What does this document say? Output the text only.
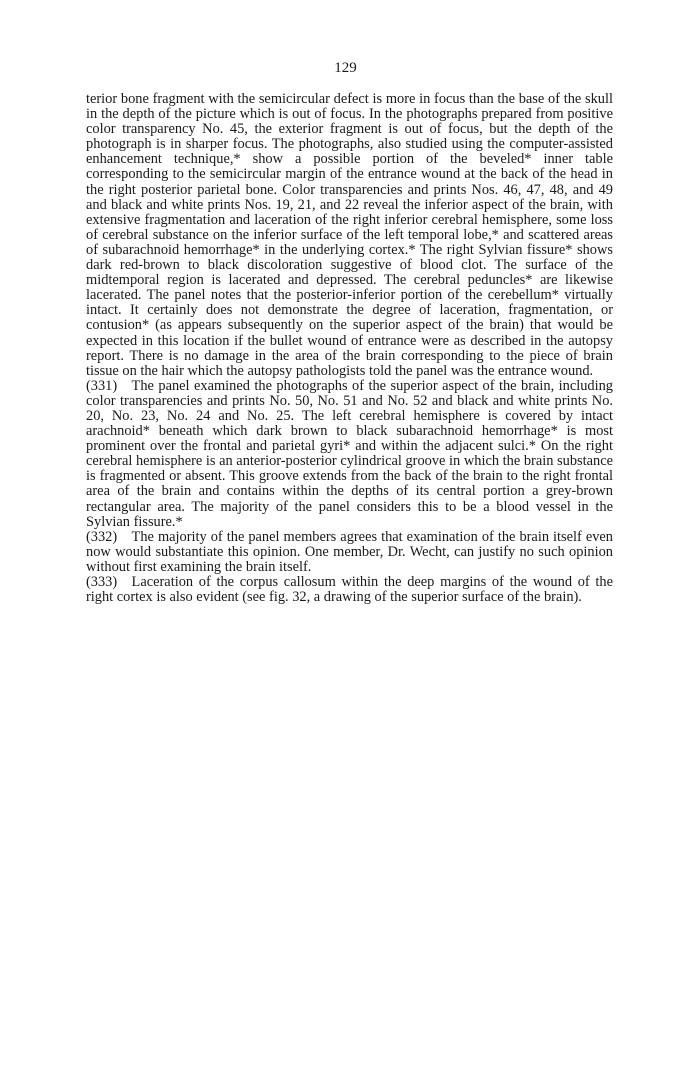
129

terior bone fragment with the semicircular defect is more in focus than the base of the skull in the depth of the picture which is out of focus. In the photographs prepared from positive color transparency No. 45, the exterior fragment is out of focus, but the depth of the photograph is in sharper focus. The photographs, also studied using the computer-assisted enhancement technique,* show a possible portion of the beveled* inner table corresponding to the semicircular margin of the entrance wound at the back of the head in the right posterior parietal bone. Color transparencies and prints Nos. 46, 47, 48, and 49 and black and white prints Nos. 19, 21, and 22 reveal the inferior aspect of the brain, with extensive fragmentation and laceration of the right inferior cerebral hemisphere, some loss of cerebral substance on the inferior surface of the left temporal lobe,* and scattered areas of subarachnoid hemorrhage* in the underlying cortex.* The right Sylvian fissure* shows dark red-brown to black discoloration suggestive of blood clot. The surface of the midtemporal region is lacerated and depressed. The cerebral peduncles* are likewise lacerated. The panel notes that the posterior-inferior portion of the cerebellum* virtually intact. It certainly does not demonstrate the degree of laceration, fragmentation, or contusion* (as appears subsequently on the superior aspect of the brain) that would be expected in this location if the bullet wound of entrance were as described in the autopsy report. There is no damage in the area of the brain corresponding to the piece of brain tissue on the hair which the autopsy pathologists told the panel was the entrance wound.

(331) The panel examined the photographs of the superior aspect of the brain, including color transparencies and prints No. 50, No. 51 and No. 52 and black and white prints No. 20, No. 23, No. 24 and No. 25. The left cerebral hemisphere is covered by intact arachnoid* beneath which dark brown to black subarachnoid hemorrhage* is most prominent over the frontal and parietal gyri* and within the adjacent sulci.* On the right cerebral hemisphere is an anterior-posterior cylindrical groove in which the brain substance is fragmented or absent. This groove extends from the back of the brain to the right frontal area of the brain and contains within the depths of its central portion a grey-brown rectangular area. The majority of the panel considers this to be a blood vessel in the Sylvian fissure.*

(332) The majority of the panel members agrees that examination of the brain itself even now would substantiate this opinion. One member, Dr. Wecht, can justify no such opinion without first examining the brain itself.

(333) Laceration of the corpus callosum within the deep margins of the wound of the right cortex is also evident (see fig. 32, a drawing of the superior surface of the brain).
